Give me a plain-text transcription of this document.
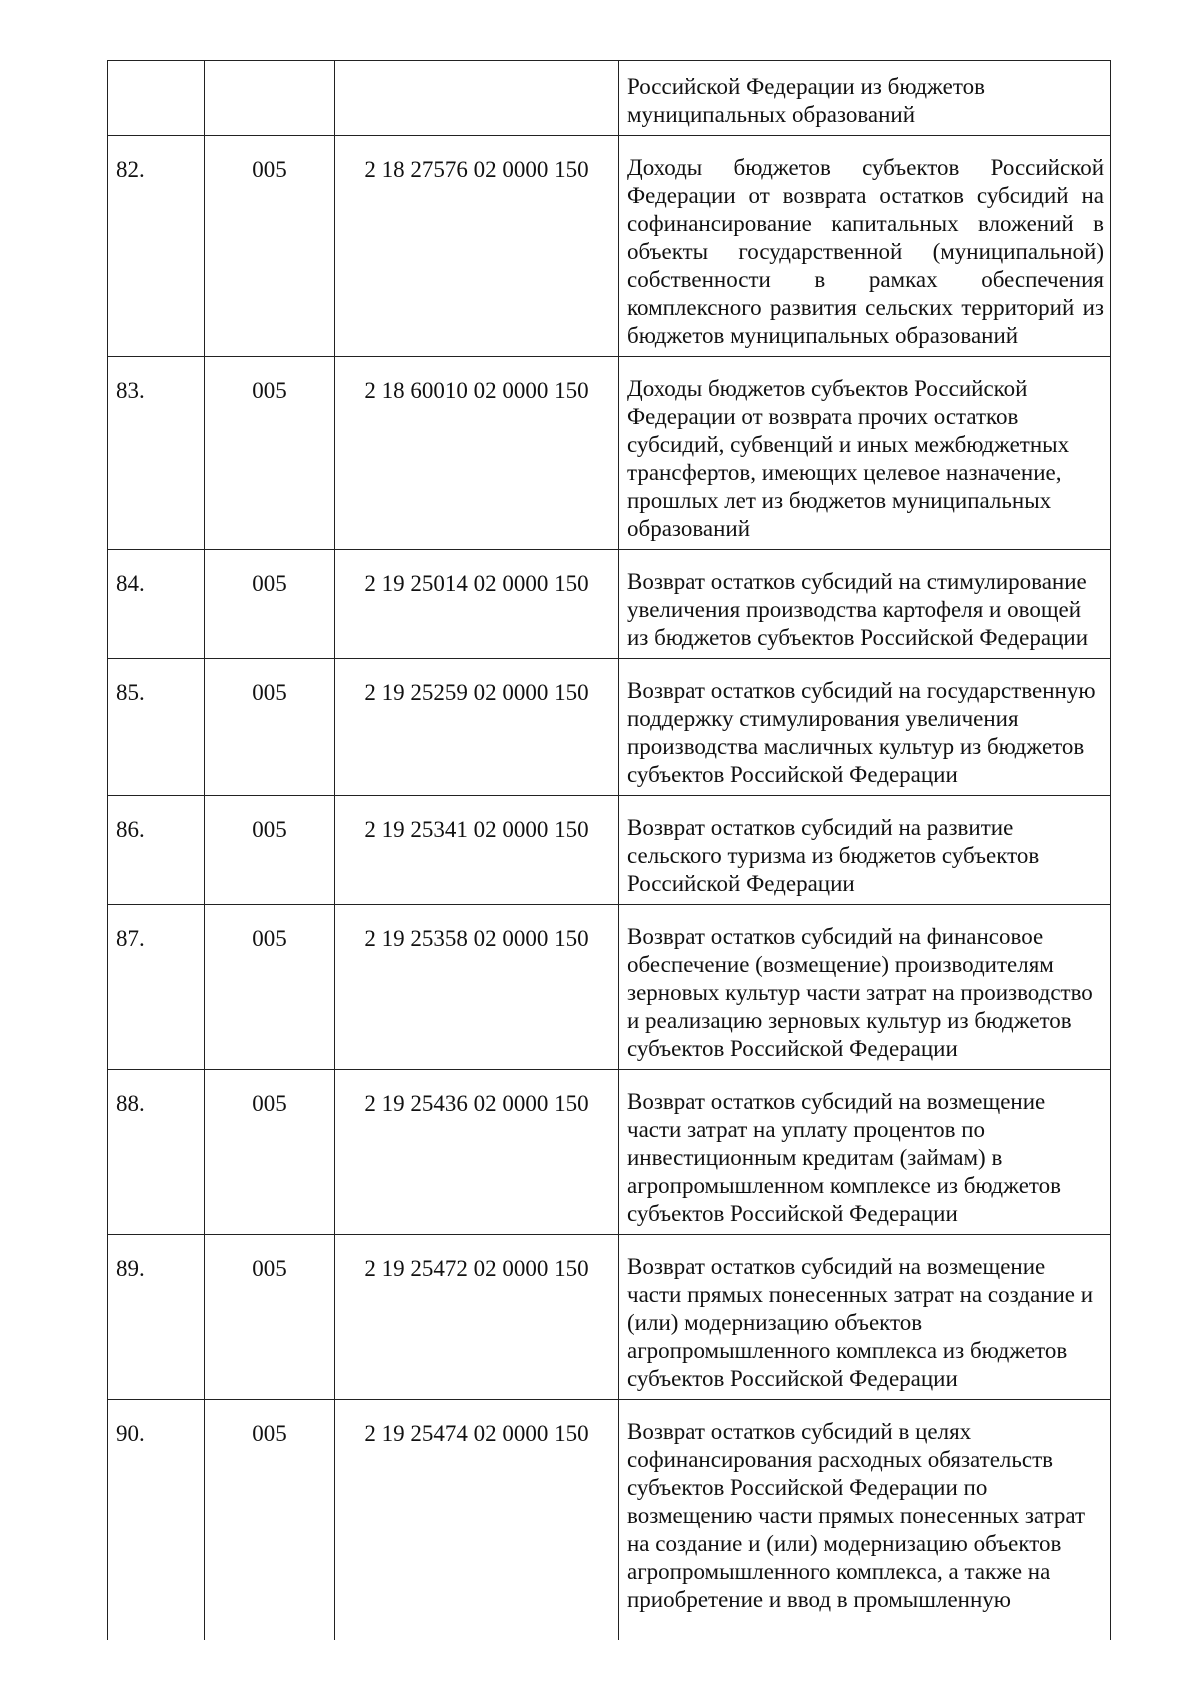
			Российской Федерации из бюджетов муниципальных образований
82.	005	2 18 27576 02 0000 150	Доходы бюджетов субъектов Российской Федерации от возврата остатков субсидий на софинансирование капитальных вложений в объекты государственной (муниципальной) собственности в рамках обеспечения комплексного развития сельских территорий из бюджетов муниципальных образований
83.	005	2 18 60010 02 0000 150	Доходы бюджетов субъектов Российской Федерации от возврата прочих остатков субсидий, субвенций и иных межбюджетных трансфертов, имеющих целевое назначение, прошлых лет из бюджетов муниципальных образований
84.	005	2 19 25014 02 0000 150	Возврат остатков субсидий на стимулирование увеличения производства картофеля и овощей из бюджетов субъектов Российской Федерации
85.	005	2 19 25259 02 0000 150	Возврат остатков субсидий на государственную поддержку стимулирования увеличения производства масличных культур из бюджетов субъектов Российской Федерации
86.	005	2 19 25341 02 0000 150	Возврат остатков субсидий на развитие сельского туризма из бюджетов субъектов Российской Федерации
87.	005	2 19 25358 02 0000 150	Возврат остатков субсидий на финансовое обеспечение (возмещение) производителям зерновых культур части затрат на производство и реализацию зерновых культур из бюджетов субъектов Российской Федерации
88.	005	2 19 25436 02 0000 150	Возврат остатков субсидий на возмещение части затрат на уплату процентов по инвестиционным кредитам (займам) в агропромышленном комплексе из бюджетов субъектов Российской Федерации
89.	005	2 19 25472 02 0000 150	Возврат остатков субсидий на возмещение части прямых понесенных затрат на создание и (или) модернизацию объектов агропромышленного комплекса из бюджетов субъектов Российской Федерации
90.	005	2 19 25474 02 0000 150	Возврат остатков субсидий в целях софинансирования расходных обязательств субъектов Российской Федерации по возмещению части прямых понесенных затрат на создание и (или) модернизацию объектов агропромышленного комплекса, а также на приобретение и ввод в промышленную
